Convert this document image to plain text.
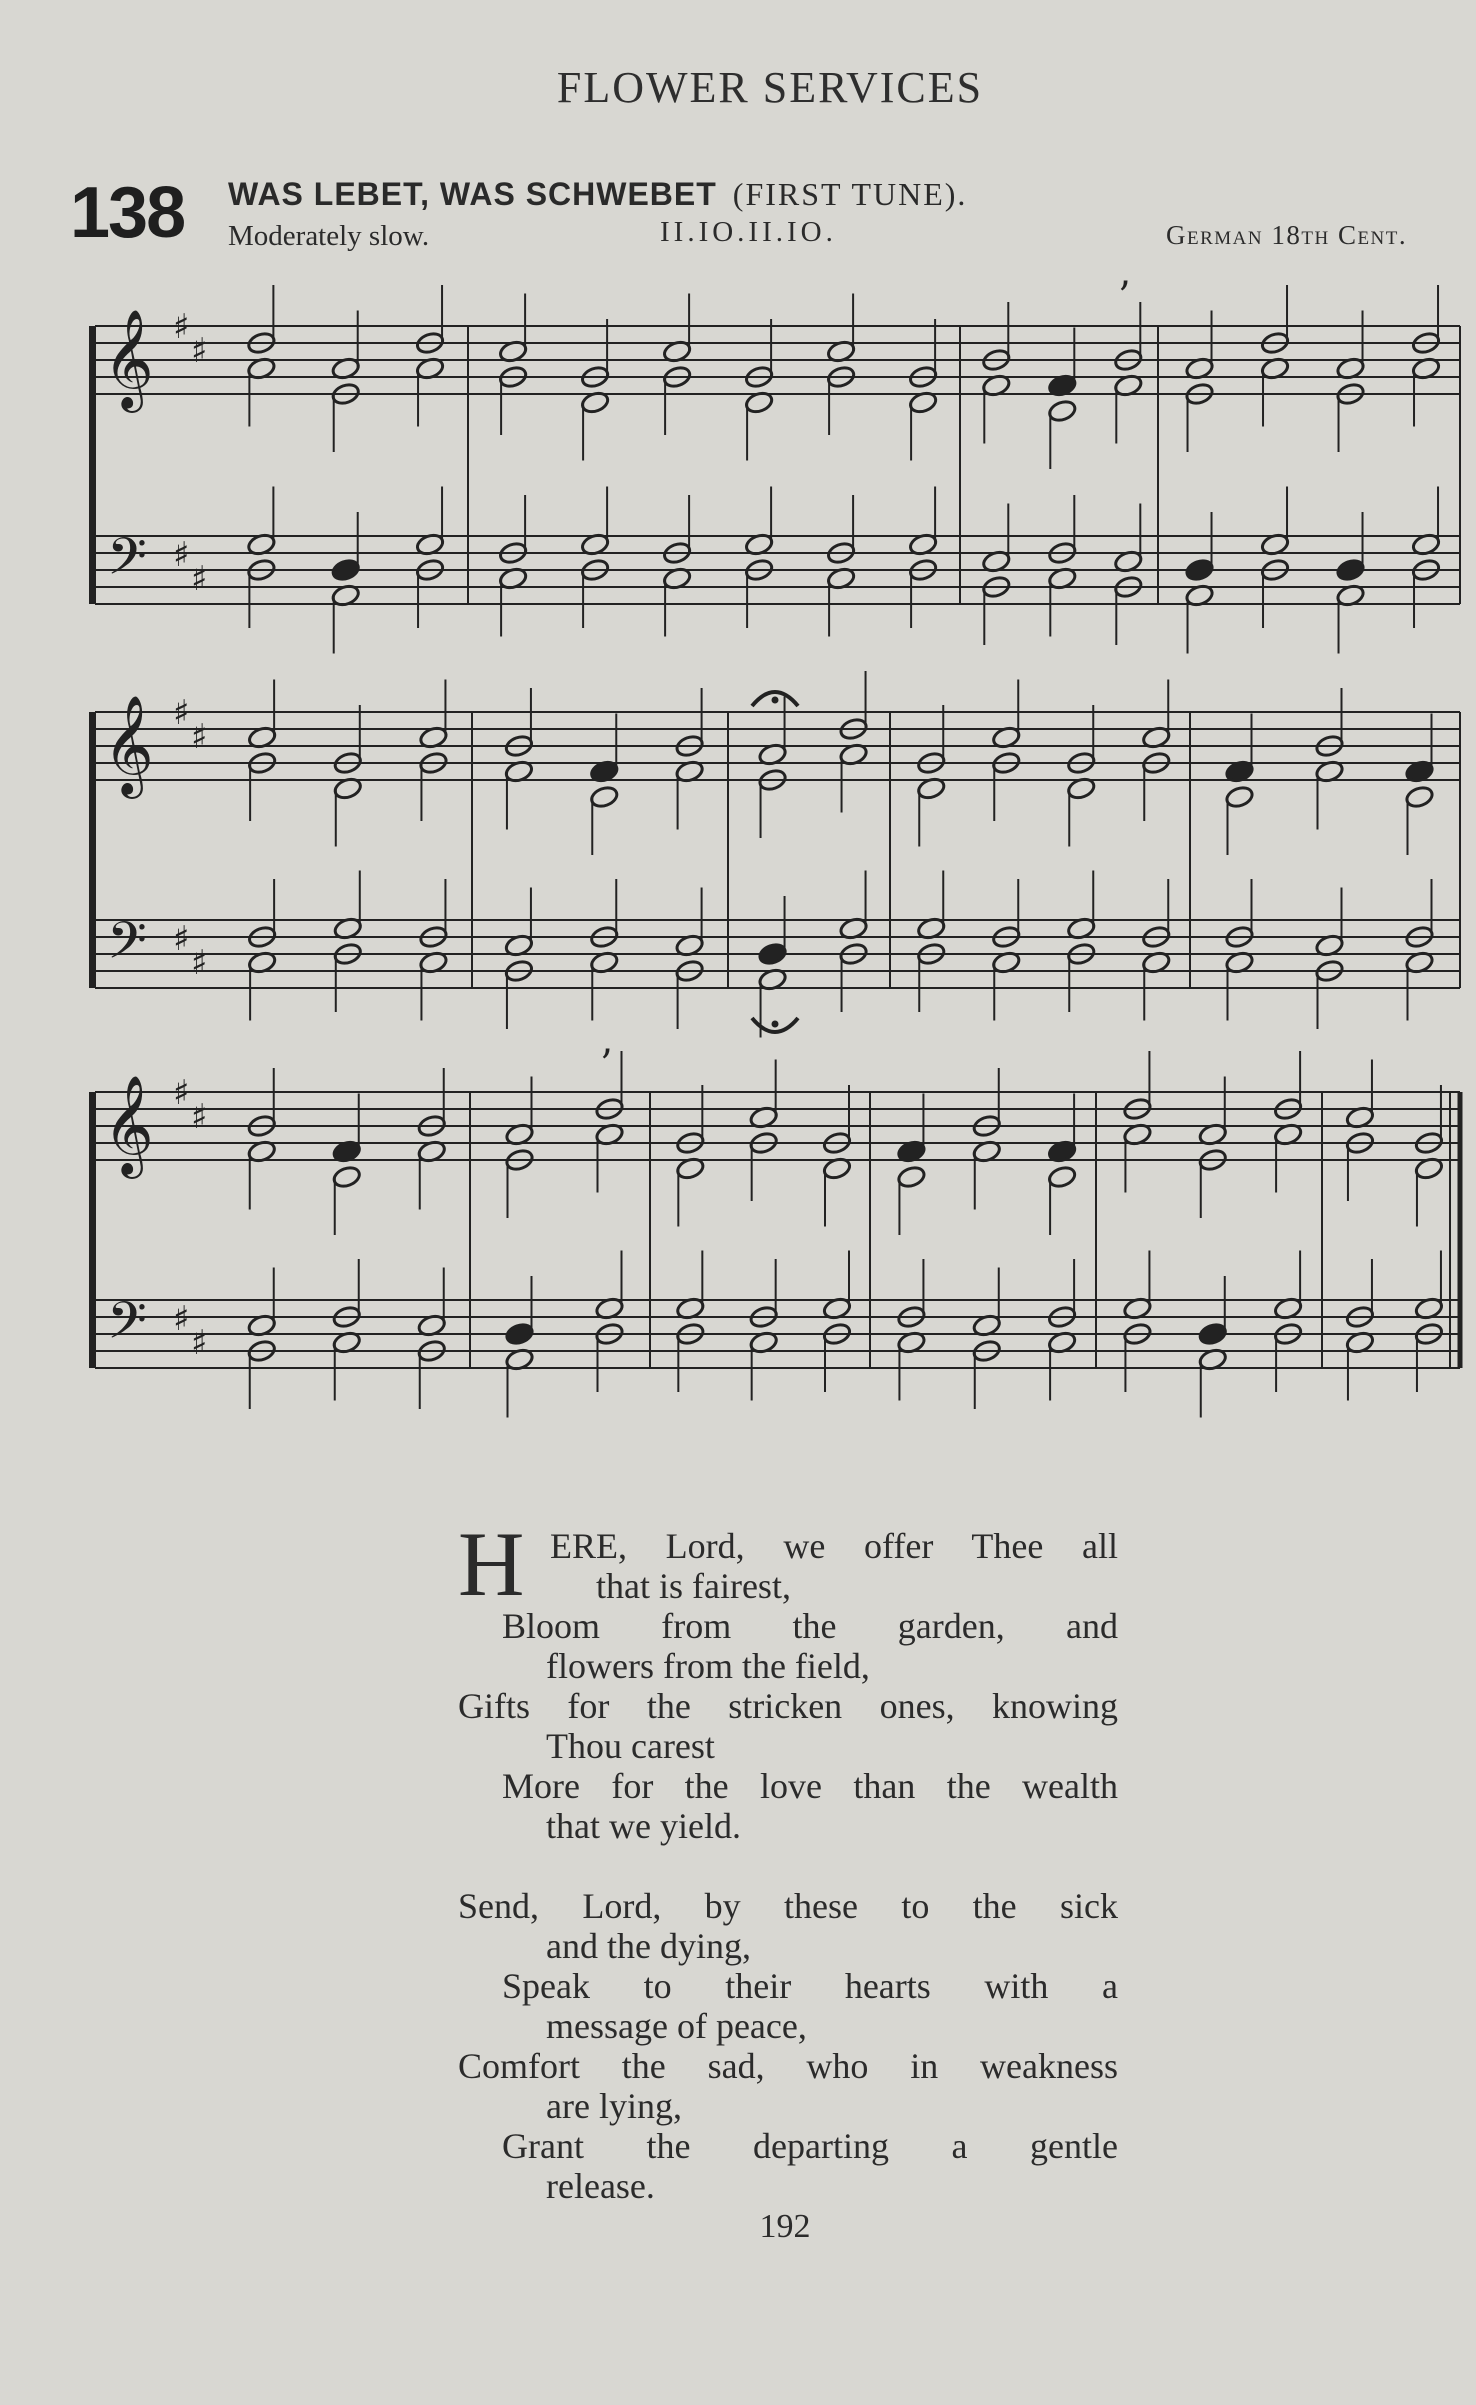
FLOWER SERVICES
138 WAS LEBET, WAS SCHWEBET (FIRST TUNE).
Moderately slow.	II.IO.II.IO.	German 18th Cent.
𝄞
𝄢
♯
♯
♯
♯
𝄞
𝄢
♯
♯
♯
♯
𝄞
𝄢
♯
♯
♯
♯
’
’
H ERE, Lord, we offer Thee all
that is fairest,
Bloom from the garden, and
flowers from the field,
Gifts for the stricken ones, knowing
Thou carest
More for the love than the wealth
that we yield.
Send, Lord, by these to the sick
and the dying,
Speak to their hearts with a
message of peace,
Comfort the sad, who in weakness
are lying,
Grant the departing a gentle
release.
192
